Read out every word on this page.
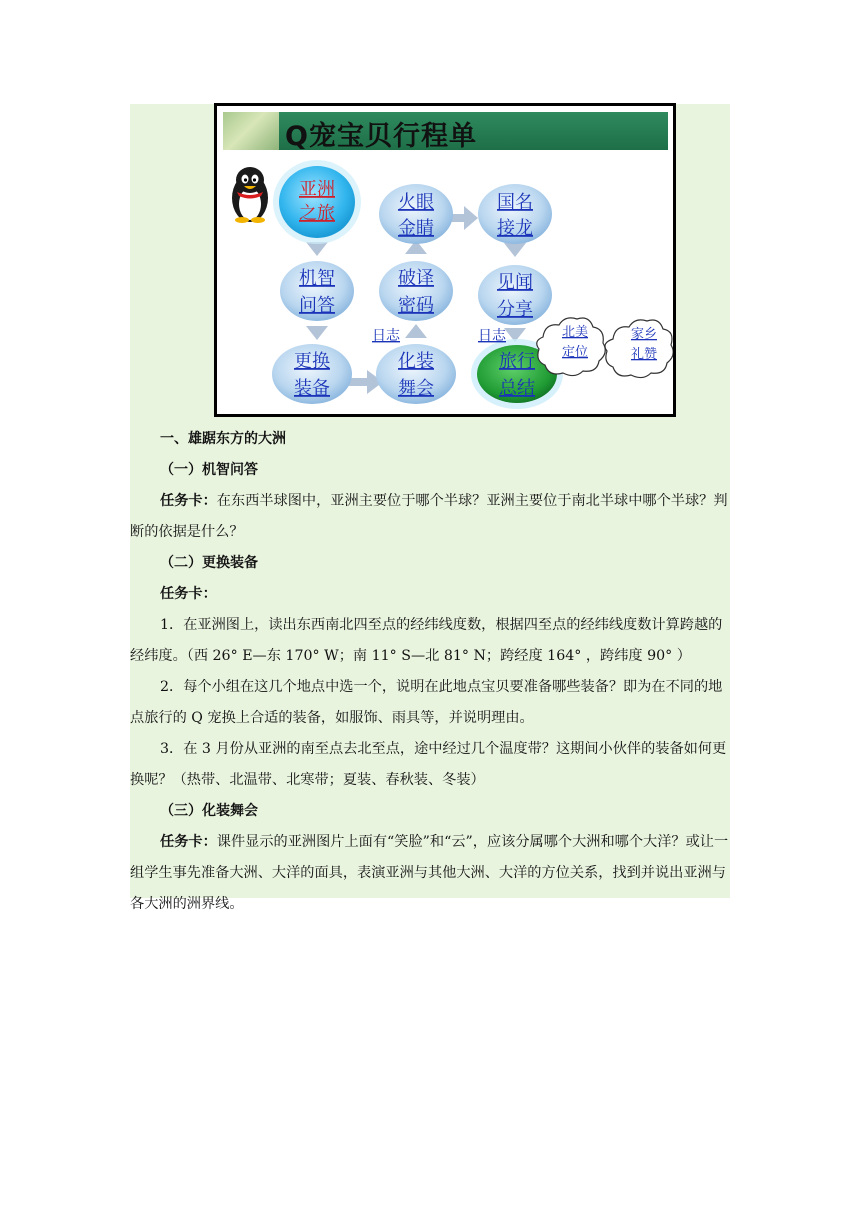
Q宠宝贝行程单
亚洲
之旅
火眼
金睛
国名
接龙
机智
问答
破译
密码
见闻
分享
更换
装备
化装
舞会
旅行
总结
日志	日志	北美
定位
家乡
礼赞

一、雄踞东方的大洲

（一）机智问答

任务卡：在东西半球图中，亚洲主要位于哪个半球？亚洲主要位于南北半球中哪个半球？判断的依据是什么？

（二）更换装备

任务卡：

1．在亚洲图上，读出东西南北四至点的经纬线度数，根据四至点的经纬线度数计算跨越的经纬度。（西 26° E—东 170° W；南 11° S—北 81° N；跨经度 164° ，跨纬度 90° ）

2．每个小组在这几个地点中选一个，说明在此地点宝贝要准备哪些装备？即为在不同的地点旅行的 Q 宠换上合适的装备，如服饰、雨具等，并说明理由。

3．在 3 月份从亚洲的南至点去北至点，途中经过几个温度带？这期间小伙伴的装备如何更换呢？（热带、北温带、北寒带；夏装、春秋装、冬装）

（三）化装舞会

任务卡：课件显示的亚洲图片上面有“笑脸”和“云”，应该分属哪个大洲和哪个大洋？或让一组学生事先准备大洲、大洋的面具，表演亚洲与其他大洲、大洋的方位关系，找到并说出亚洲与各大洲的洲界线。
